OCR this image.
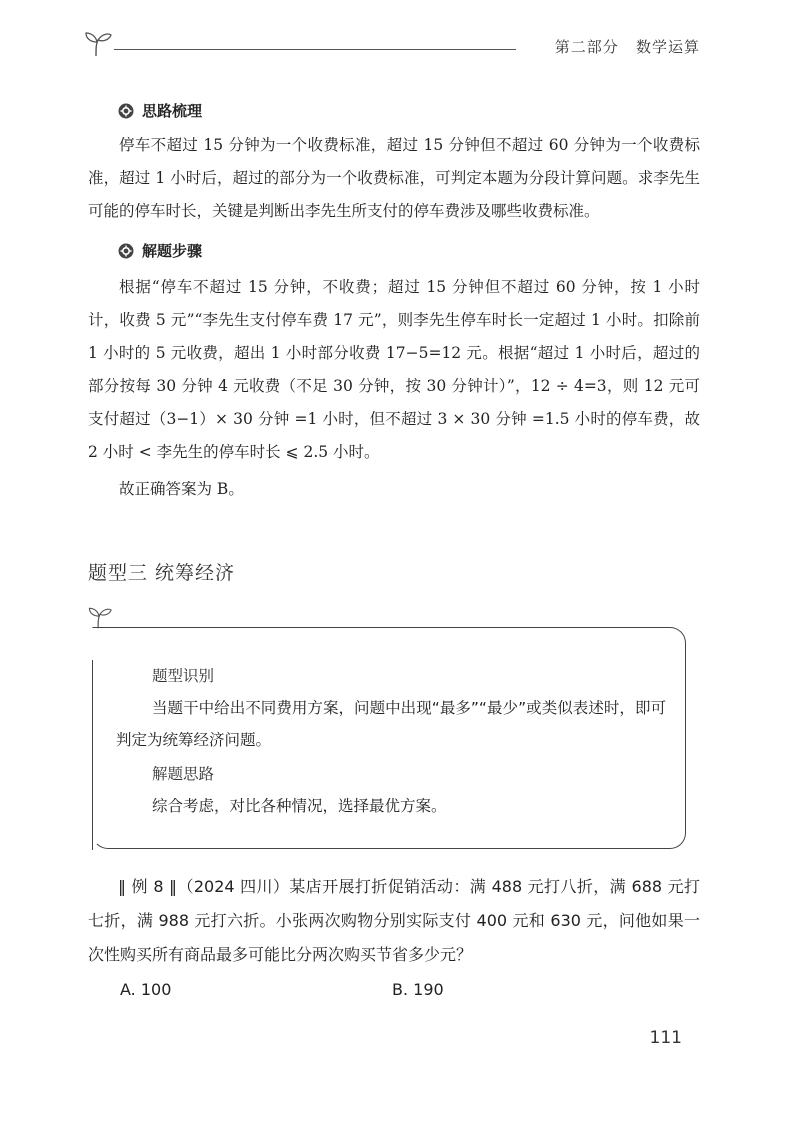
第二部分   数学运算
思路梳理

停车不超过 15 分钟为一个收费标准，超过 15 分钟但不超过 60 分钟为一个收费标准，超过 1 小时后，超过的部分为一个收费标准，可判定本题为分段计算问题。求李先生可能的停车时长，关键是判断出李先生所支付的停车费涉及哪些收费标准。

解题步骤

根据“停车不超过 15 分钟，不收费；超过 15 分钟但不超过 60 分钟，按 1 小时计，收费 5 元”“李先生支付停车费 17 元”，则李先生停车时长一定超过 1 小时。扣除前 1 小时的 5 元收费，超出 1 小时部分收费 17−5=12 元。根据“超过 1 小时后，超过的部分按每 30 分钟 4 元收费（不足 30 分钟，按 30 分钟计）”，12 ÷ 4=3，则 12 元可支付超过（3−1）× 30 分钟 =1 小时，但不超过 3 × 30 分钟 =1.5 小时的停车费，故 2 小时 < 李先生的停车时长 ⩽ 2.5 小时。

故正确答案为 B。

题型三 统筹经济
题型识别

当题干中给出不同费用方案，问题中出现“最多”“最少”或类似表述时，即可判定为统筹经济问题。

解题思路

综合考虑，对比各种情况，选择最优方案。

‖ 例 8 ‖（2024 四川）某店开展打折促销活动：满 488 元打八折，满 688 元打七折，满 988 元打六折。小张两次购物分别实际支付 400 元和 630 元，问他如果一次性购买所有商品最多可能比分两次购买节省多少元？

A. 100	B. 190
111
